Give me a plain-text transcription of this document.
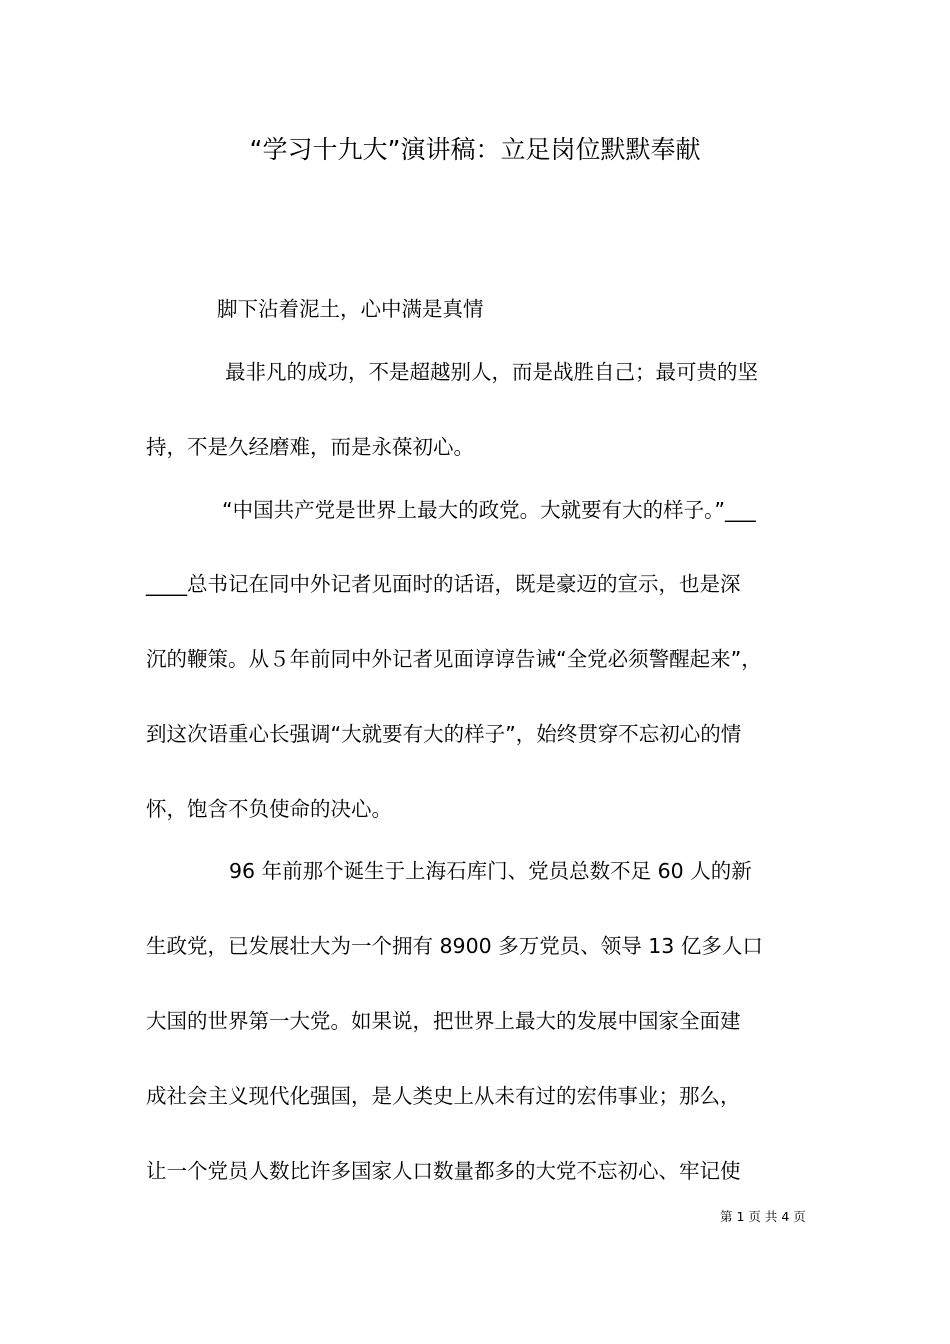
“学习十九大”演讲稿：立足岗位默默奉献
脚下沾着泥土，心中满是真情
最非凡的成功，不是超越别人，而是战胜自己；最可贵的坚
持，不是久经磨难，而是永葆初心。
“中国共产党是世界上最大的政党。大就要有大的样子。”___
____总书记在同中外记者见面时的话语，既是豪迈的宣示，也是深
沉的鞭策。从５年前同中外记者见面谆谆告诫“全党必须警醒起来”，
到这次语重心长强调“大就要有大的样子”，始终贯穿不忘初心的情
怀，饱含不负使命的决心。
96 年前那个诞生于上海石库门、党员总数不足 60 人的新
生政党，已发展壮大为一个拥有 8900 多万党员、领导 13 亿多人口
大国的世界第一大党。如果说，把世界上最大的发展中国家全面建
成社会主义现代化强国，是人类史上从未有过的宏伟事业；那么，
让一个党员人数比许多国家人口数量都多的大党不忘初心、牢记使
第 1 页 共 4 页
